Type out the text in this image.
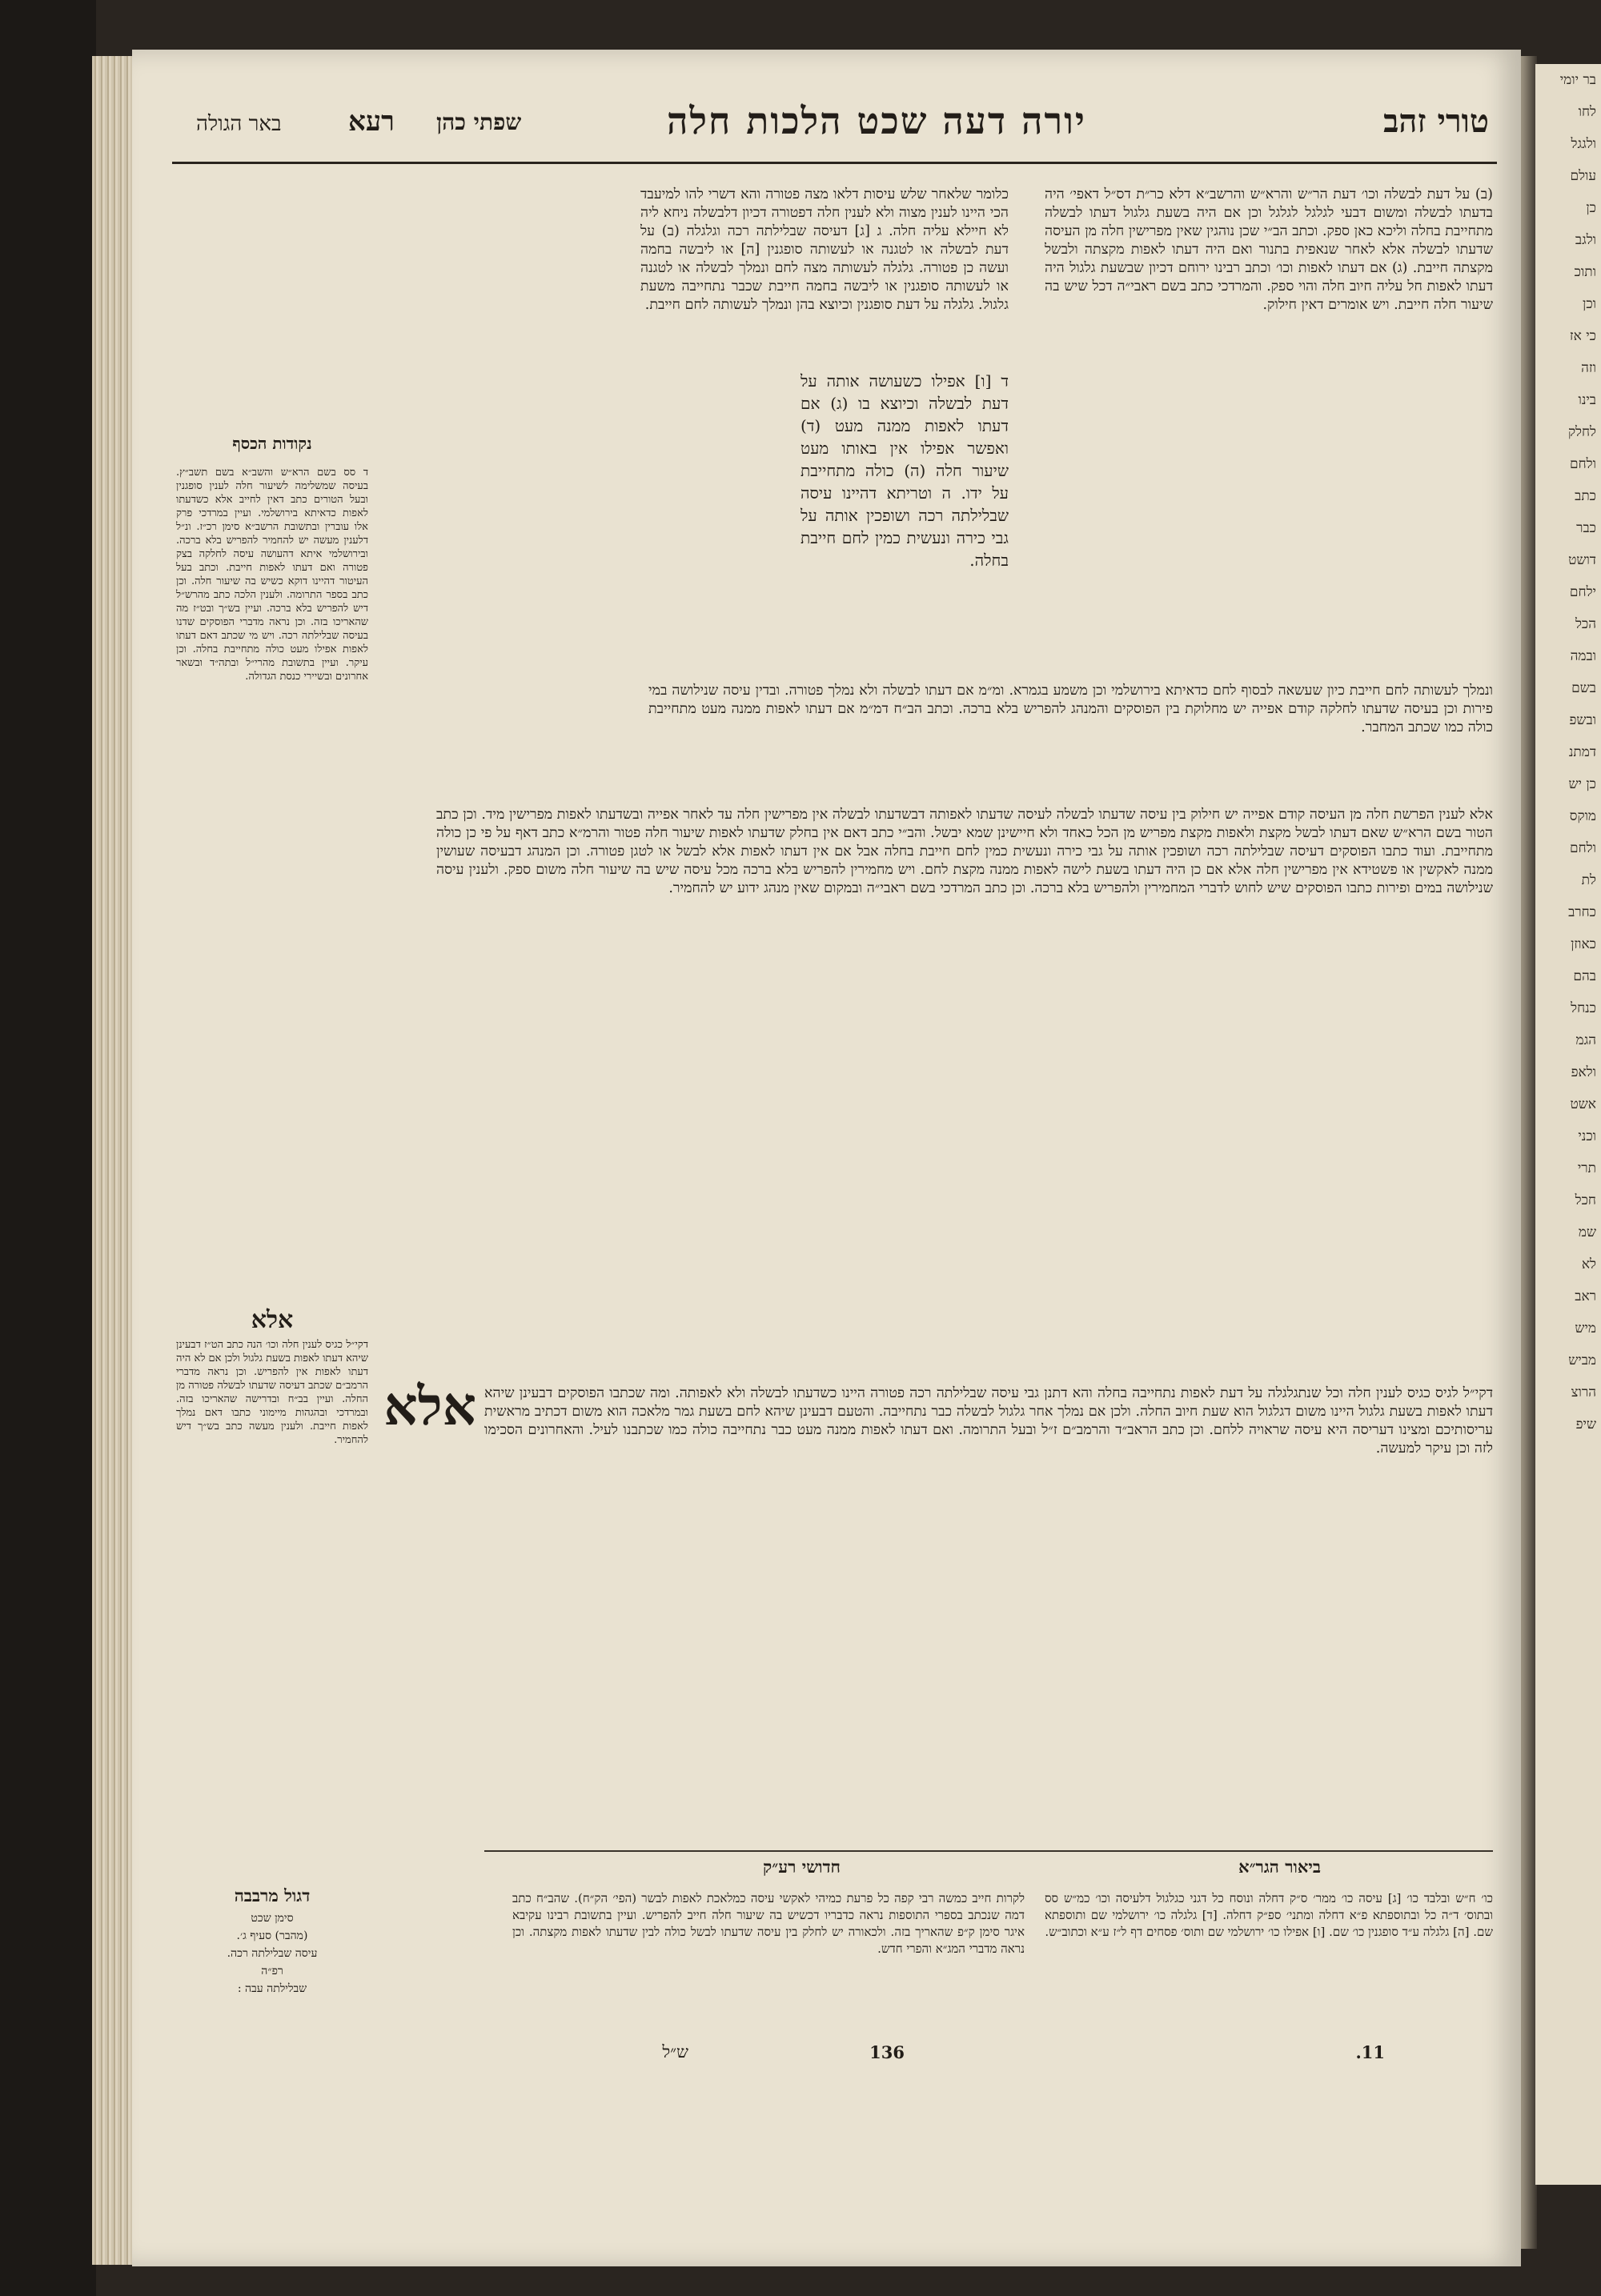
בר יומי
לחו
ולגגל
עולם
כן
ולגב
ותוכ
וכן
כי אז
וזה
בינו
לחלק
ולחם
כתב
כבר
דושט
ילחם
הכל
ובמה
בשם
ובשפ
דמתנ
כן יש
מוקס
ולחם
לת
כחרב
כאוזן
בהם
כנחל
הגמ
ולאפ
אשט
וכני
תרי
חכל
שמ
לא
ראב
מיש
מביש
הרוצ
שיפ
טורי זהב
יורה דעה שכט הלכות חלה
שפתי כהן
רעא
באר הגולה
(ב) על דעת לבשלה וכו׳ דעת הר״ש והרא״ש והרשב״א דלא כר״ת דס״ל דאפי׳ היה בדעתו לבשלה ומשום דבעי לגלגל לגלגל וכן אם היה בשעת גלגול דעתו לבשלה מתחייבת בחלה וליכא כאן ספק. וכתב הב״י שכן נוהגין שאין מפרישין חלה מן העיסה שדעתו לבשלה אלא לאחר שנאפית בתנור ואם היה דעתו לאפות מקצתה ולבשל מקצתה חייבת. (ג) אם דעתו לאפות וכו׳ וכתב רבינו ירוחם דכיון שבשעת גלגול היה דעתו לאפות חל עליה חיוב חלה והוי ספק. והמרדכי כתב בשם ראבי״ה דכל שיש בה שיעור חלה חייבת. ויש אומרים דאין חילוק.
כלומר שלאחר שלש עיסות דלאו מצה פטורה והא דשרי להו למיעבד הכי היינו לענין מצוה ולא לענין חלה דפטורה דכיון דלבשלה ניחא ליה לא חיילא עליה חלה. ג [ג] דעיסה שבלילתה רכה וגלגלה (ב) על דעת לבשלה או לטגנה או לעשותה סופגנין [ה] או ליבשה בחמה ועשה כן פטורה. גלגלה לעשותה מצה לחם ונמלך לבשלה או לטגנה או לעשותה סופגנין או ליבשה בחמה חייבת שכבר נתחייבה משעת גלגול. גלגלה על דעת סופגנין וכיוצא בהן ונמלך לעשותה לחם חייבת.
ד [ו] אפילו כשעושה אותה על דעת לבשלה וכיוצא בו (ג) אם דעתו לאפות ממנה מעט (ד) ואפשר אפילו אין באותו מעט שיעור חלה (ה) כולה מתחייבת על ידו. ה וטריתא דהיינו עיסה שבלילתה רכה ושופכין אותה על גבי כירה ונעשית כמין לחם חייבת בחלה.
ונמלך לעשותה לחם חייבת כיון שעשאה לבסוף לחם כדאיתא בירושלמי וכן משמע בגמרא. ומ״מ אם דעתו לבשלה ולא נמלך פטורה. ובדין עיסה שנילושה במי פירות וכן בעיסה שדעתו לחלקה קודם אפייה יש מחלוקת בין הפוסקים והמנהג להפריש בלא ברכה. וכתב הב״ח דמ״מ אם דעתו לאפות ממנה מעט מתחייבת כולה כמו שכתב המחבר.
אלא לענין הפרשת חלה מן העיסה קודם אפייה יש חילוק בין עיסה שדעתו לבשלה לעיסה שדעתו לאפותה דבשדעתו לבשלה אין מפרישין חלה עד לאחר אפייה ובשדעתו לאפות מפרישין מיד. וכן כתב הטור בשם הרא״ש שאם דעתו לבשל מקצת ולאפות מקצת מפריש מן הכל כאחד ולא חיישינן שמא יבשל. והב״י כתב דאם אין בחלק שדעתו לאפות שיעור חלה פטור והרמ״א כתב דאף על פי כן כולה מתחייבת. ועוד כתבו הפוסקים דעיסה שבלילתה רכה ושופכין אותה על גבי כירה ונעשית כמין לחם חייבת בחלה אבל אם אין דעתו לאפות אלא לבשל או לטגן פטורה. וכן המנהג דבעיסה שעושין ממנה לאקשין או פשטידא אין מפרישין חלה אלא אם כן היה דעתו בשעת לישה לאפות ממנה מקצת לחם. ויש מחמירין להפריש בלא ברכה מכל עיסה שיש בה שיעור חלה משום ספק. ולענין עיסה שנילושה במים ופירות כתבו הפוסקים שיש לחוש לדברי המחמירין ולהפריש בלא ברכה. וכן כתב המרדכי בשם ראבי״ה ובמקום שאין מנהג ידוע יש להחמיר.
אלא דקי״ל לגיס כגיס לענין חלה וכל שנתגלגלה על דעת לאפות נתחייבה בחלה והא דתנן גבי עיסה שבלילתה רכה פטורה היינו כשדעתו לבשלה ולא לאפותה. ומה שכתבו הפוסקים דבעינן שיהא דעתו לאפות בשעת גלגול היינו משום דגלגול הוא שעת חיוב החלה. ולכן אם נמלך אחר גלגול לבשלה כבר נתחייבה. והטעם דבעינן שיהא לחם בשעת גמר מלאכה הוא משום דכתיב מראשית עריסותיכם ומצינו דעריסה היא עיסה שראויה ללחם. וכן כתב הראב״ד והרמב״ם ז״ל ובעל התרומה. ואם דעתו לאפות ממנה מעט כבר נתחייבה כולה כמו שכתבנו לעיל. והאחרונים הסכימו לזה וכן עיקר למעשה.
נקודות הכסף
ד סס בשם הרא״ש והשב״א בשם תשב״ץ. בעיסה שמשלימה לשיעור חלה לענין סופגנין ובעל הטורים כתב דאין לחייב אלא כשדעתו לאפות כדאיתא בירושלמי. ועיין במרדכי פרק אלו עוברין ובתשובת הרשב״א סימן רכ״ז. ונ״ל דלענין מעשה יש להחמיר להפריש בלא ברכה. ובירושלמי איתא דהעושה עיסה לחלקה בצק פטורה ואם דעתו לאפות חייבת. וכתב בעל העיטור דהיינו דוקא כשיש בה שיעור חלה. וכן כתב בספר התרומה. ולענין הלכה כתב מהרש״ל דיש להפריש בלא ברכה. ועיין בש״ך ובט״ז מה שהאריכו בזה. וכן נראה מדברי הפוסקים שדנו בעיסה שבלילתה רכה. ויש מי שכתב דאם דעתו לאפות אפילו מעט כולה מתחייבת בחלה. וכן עיקר. ועיין בתשובת מהרי״ל ובתה״ד ובשאר אחרונים ובשיירי כנסת הגדולה.
אלא
דקי״ל כגיס לענין חלה וכו׳ הנה כתב הט״ז דבעינן שיהא דעתו לאפות בשעת גלגול ולכן אם לא היה דעתו לאפות אין להפריש. וכן נראה מדברי הרמב״ם שכתב דעיסה שדעתו לבשלה פטורה מן החלה. ועיין בב״ח ובדרישה שהאריכו בזה. ובמרדכי ובהגהות מיימוני כתבו דאם נמלך לאפות חייבת. ולענין מעשה כתב בש״ך דיש להחמיר.
ביאור הגר״א
חדושי רע״ק
כו׳ ח״ש ובלבד כו׳ [ג] עיסה כו׳ ממר׳ ס״ק דחלה ונוסח כל דגני כגלגול דלעיסה וכו׳ כמ״ש סס ובתוס׳ ד״ה כל ובתוספתא פ״א דחלה ומתני׳ ספ״ק דחלה. [ד] גלגלה כו׳ ירושלמי שם ותוספתא שם. [ה] גלגלה ע״ד סופגנין כו׳ שם. [ו] אפילו כו׳ ירושלמי שם ותוס׳ פסחים דף ל״ז ע״א וכתוב״ש.
לקרות חייב כמשה רבי קפה כל פרעת כמיהי לאקשי עיסה כמלאכת לאפות לבשר (הפי׳ הק״ח). שהב״ח כתב דמה שנכתב בספרי התוספות נראה כדבריו דכשיש בה שיעור חלה חייב להפריש. ועיין בתשובת רבינו עקיבא איגר סימן ק״פ שהאריך בזה. ולכאורה יש לחלק בין עיסה שדעתו לבשל כולה לבין שדעתו לאפות מקצתה. וכן נראה מדברי המג״א והפרי חדש.
דגול מרבבה
סימן שכט
(מהבר) סעיף ג׳.
עיסה שבלילתה רכה.
רפ״ה
שבלילתה עבה :
11.
136
ש״ל
